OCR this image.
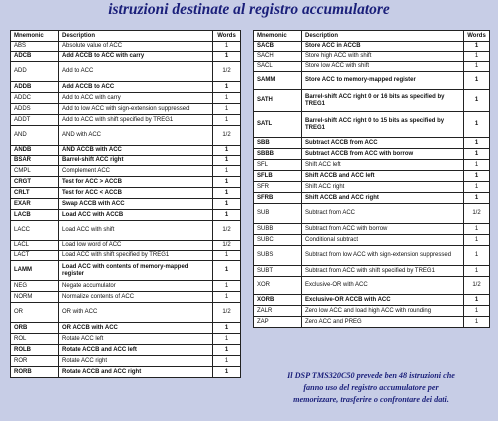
istruzioni destinate al registro accumulatore
Mnemonic	Description	Words
ABS	Absolute value of ACC	1
ADCB	Add ACCB to ACC with carry	1
ADD	Add to ACC	1/2
ADDB	Add ACCB to ACC	1
ADDC	Add to ACC with carry	1
ADDS	Add to low ACC with sign-extension suppressed	1
ADDT	Add to ACC with shift specified by TREG1	1
AND	AND with ACC	1/2
ANDB	AND ACCB with ACC	1
BSAR	Barrel-shift ACC right	1
CMPL	Complement ACC	1
CRGT	Test for ACC > ACCB	1
CRLT	Test for ACC < ACCB	1
EXAR	Swap ACCB with ACC	1
LACB	Load ACC with ACCB	1
LACC	Load ACC with shift	1/2
LACL	Load low word of ACC	1/2
LACT	Load ACC with shift specified by TREG1	1
LAMM	Load ACC with contents of memory-mapped register	1
NEG	Negate accumulator	1
NORM	Normalize contents of ACC	1
OR	OR with ACC	1/2
ORB	OR ACCB with ACC	1
ROL	Rotate ACC left	1
ROLB	Rotate ACCB and ACC left	1
ROR	Rotate ACC right	1
RORB	Rotate ACCB and ACC right	1
Mnemonic	Description	Words
SACB	Store ACC in ACCB	1
SACH	Store high ACC with shift	1
SACL	Store low ACC with shift	1
SAMM	Store ACC to memory-mapped register	1
SATH	Barrel-shift ACC right 0 or 16 bits as specified by TREG1	1
SATL	Barrel-shift ACC right 0 to 15 bits as specified by TREG1	1
SBB	Subtract ACCB from ACC	1
SBBB	Subtract ACCB from ACC with borrow	1
SFL	Shift ACC left	1
SFLB	Shift ACCB and ACC left	1
SFR	Shift ACC right	1
SFRB	Shift ACCB and ACC right	1
SUB	Subtract from ACC	1/2
SUBB	Subtract from ACC with borrow	1
SUBC	Conditional subtract	1
SUBS	Subtract from low ACC with sign-extension suppressed	1
SUBT	Subtract from ACC with shift specified by TREG1	1
XOR	Exclusive-OR with ACC	1/2
XORB	Exclusive-OR ACCB with ACC	1
ZALR	Zero low ACC and load high ACC with rounding	1
ZAP	Zero ACC and PREG	1
Il DSP TMS320C50 prevede ben 48 istruzioni che
fanno uso del registro accumulatore per
memorizzare, trasferire o confrontare dei dati.
